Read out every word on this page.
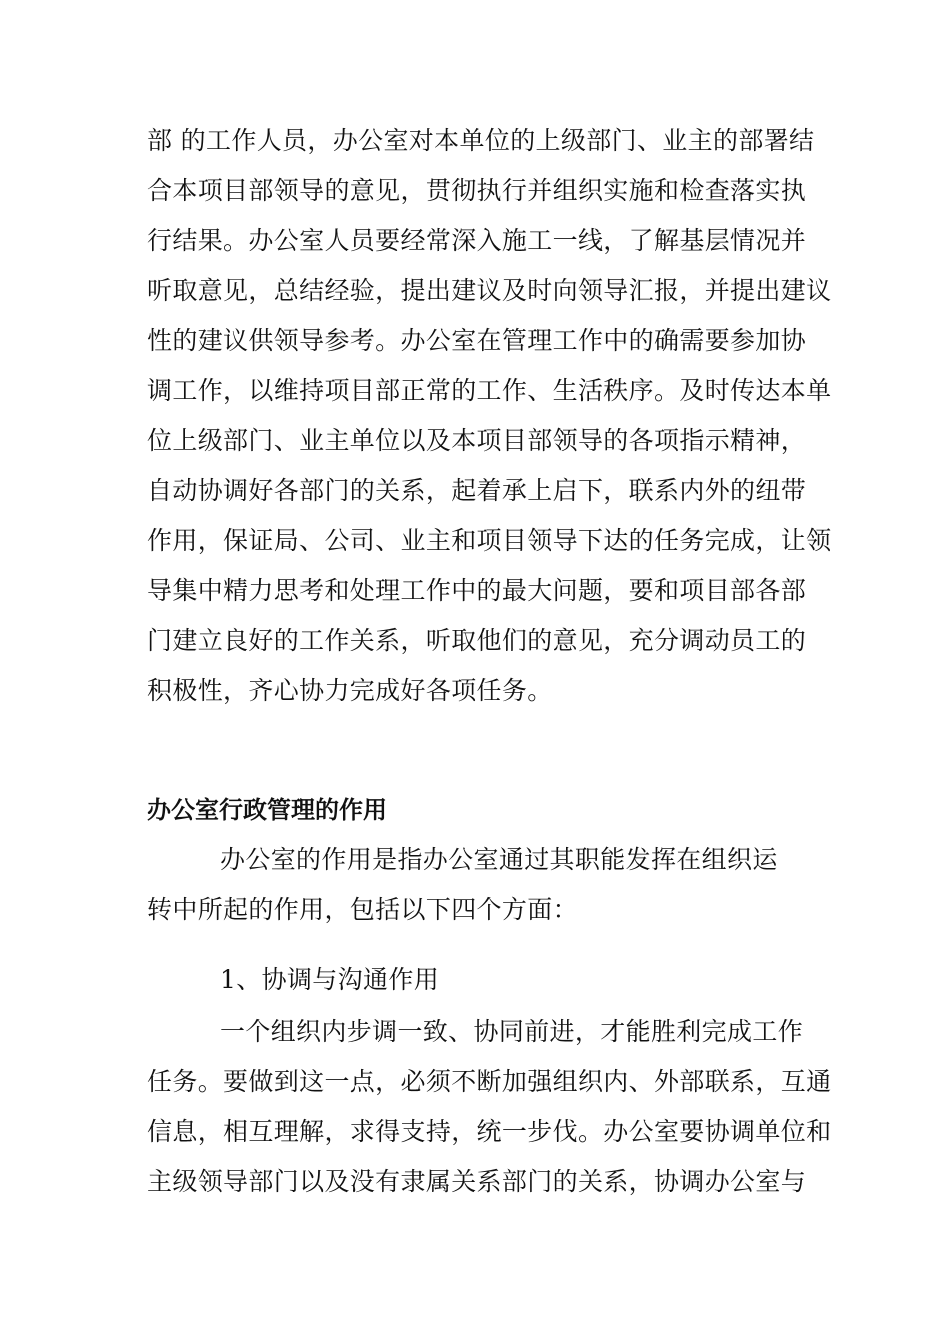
部 的工作人员，办公室对本单位的上级部门、业主的部署结
合本项目部领导的意见，贯彻执行并组织实施和检查落实执
行结果。办公室人员要经常深入施工一线，了解基层情况并
听取意见，总结经验，提出建议及时向领导汇报，并提出建议
性的建议供领导参考。办公室在管理工作中的确需要参加协
调工作，以维持项目部正常的工作、生活秩序。及时传达本单
位上级部门、业主单位以及本项目部领导的各项指示精神，
自动协调好各部门的关系，起着承上启下，联系内外的纽带
作用，保证局、公司、业主和项目领导下达的任务完成，让领
导集中精力思考和处理工作中的最大问题，要和项目部各部
门建立良好的工作关系，听取他们的意见，充分调动员工的
积极性，齐心协力完成好各项任务。
办公室行政管理的作用
办公室的作用是指办公室通过其职能发挥在组织运
转中所起的作用，包括以下四个方面：
1、协调与沟通作用
一个组织内步调一致、协同前进，才能胜利完成工作
任务。要做到这一点，必须不断加强组织内、外部联系，互通
信息，相互理解，求得支持，统一步伐。办公室要协调单位和
主级领导部门以及没有隶属关系部门的关系，协调办公室与
